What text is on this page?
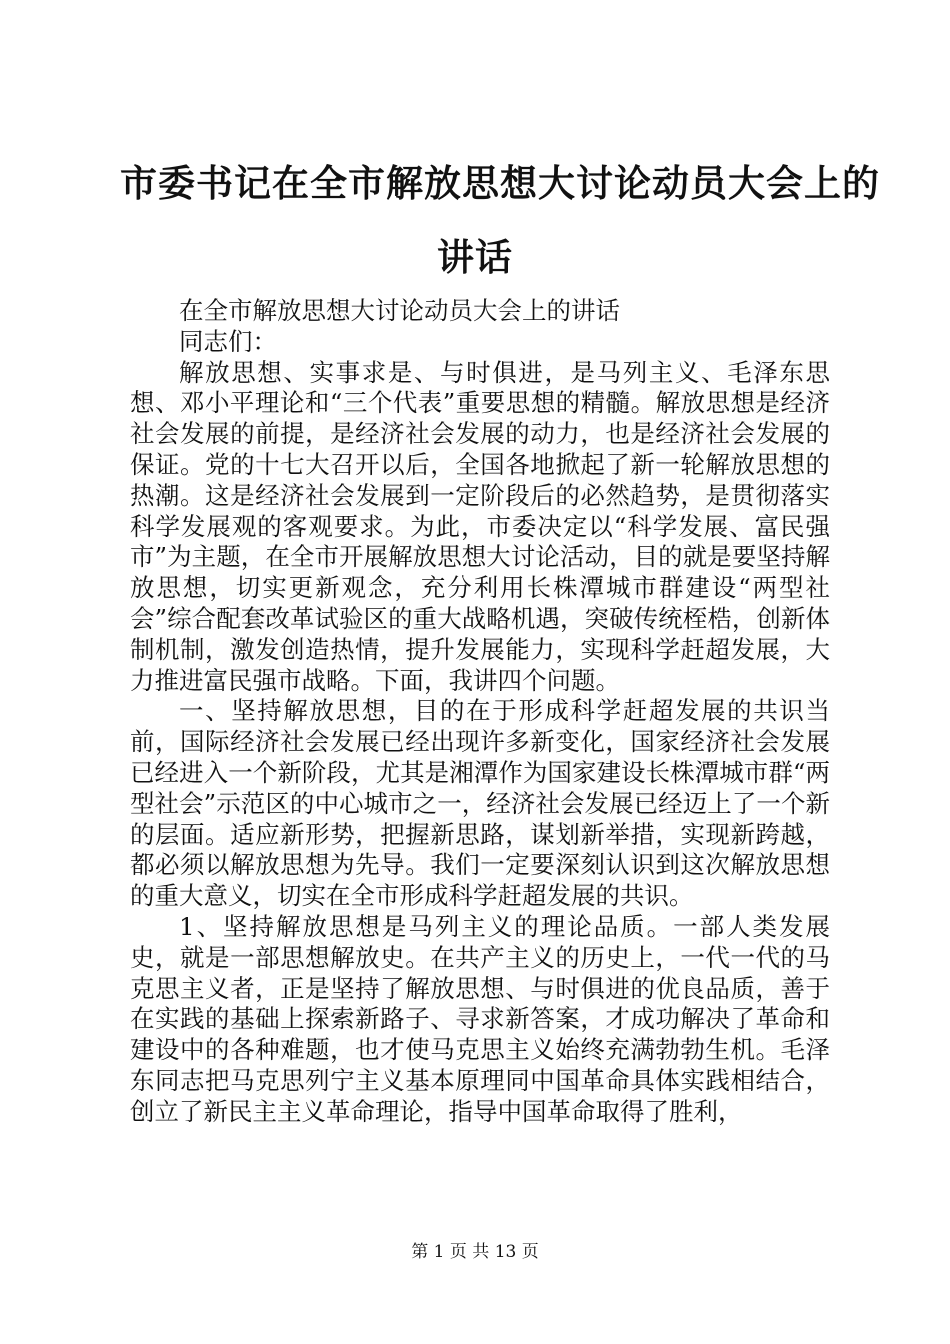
市委书记在全市解放思想大讨论动员大会上的
讲话

在全市解放思想大讨论动员大会上的讲话

同志们：

解放思想、实事求是、与时俱进，是马列主义、毛泽东思想、邓小平理论和“三个代表”重要思想的精髓。解放思想是经济社会发展的前提，是经济社会发展的动力，也是经济社会发展的保证。党的十七大召开以后，全国各地掀起了新一轮解放思想的热潮。这是经济社会发展到一定阶段后的必然趋势，是贯彻落实科学发展观的客观要求。为此，市委决定以“科学发展、富民强市”为主题，在全市开展解放思想大讨论活动，目的就是要坚持解放思想，切实更新观念，充分利用长株潭城市群建设“两型社会”综合配套改革试验区的重大战略机遇，突破传统桎梏，创新体制机制，激发创造热情，提升发展能力，实现科学赶超发展，大力推进富民强市战略。下面，我讲四个问题。

一、坚持解放思想，目的在于形成科学赶超发展的共识当前，国际经济社会发展已经出现许多新变化，国家经济社会发展已经进入一个新阶段，尤其是湘潭作为国家建设长株潭城市群“两型社会”示范区的中心城市之一，经济社会发展已经迈上了一个新的层面。适应新形势，把握新思路，谋划新举措，实现新跨越，都必须以解放思想为先导。我们一定要深刻认识到这次解放思想的重大意义，切实在全市形成科学赶超发展的共识。

1、坚持解放思想是马列主义的理论品质。一部人类发展史，就是一部思想解放史。在共产主义的历史上，一代一代的马克思主义者，正是坚持了解放思想、与时俱进的优良品质，善于在实践的基础上探索新路子、寻求新答案，才成功解决了革命和建设中的各种难题，也才使马克思主义始终充满勃勃生机。毛泽东同志把马克思列宁主义基本原理同中国革命具体实践相结合，创立了新民主主义革命理论，指导中国革命取得了胜利，

第 1 页 共 13 页
